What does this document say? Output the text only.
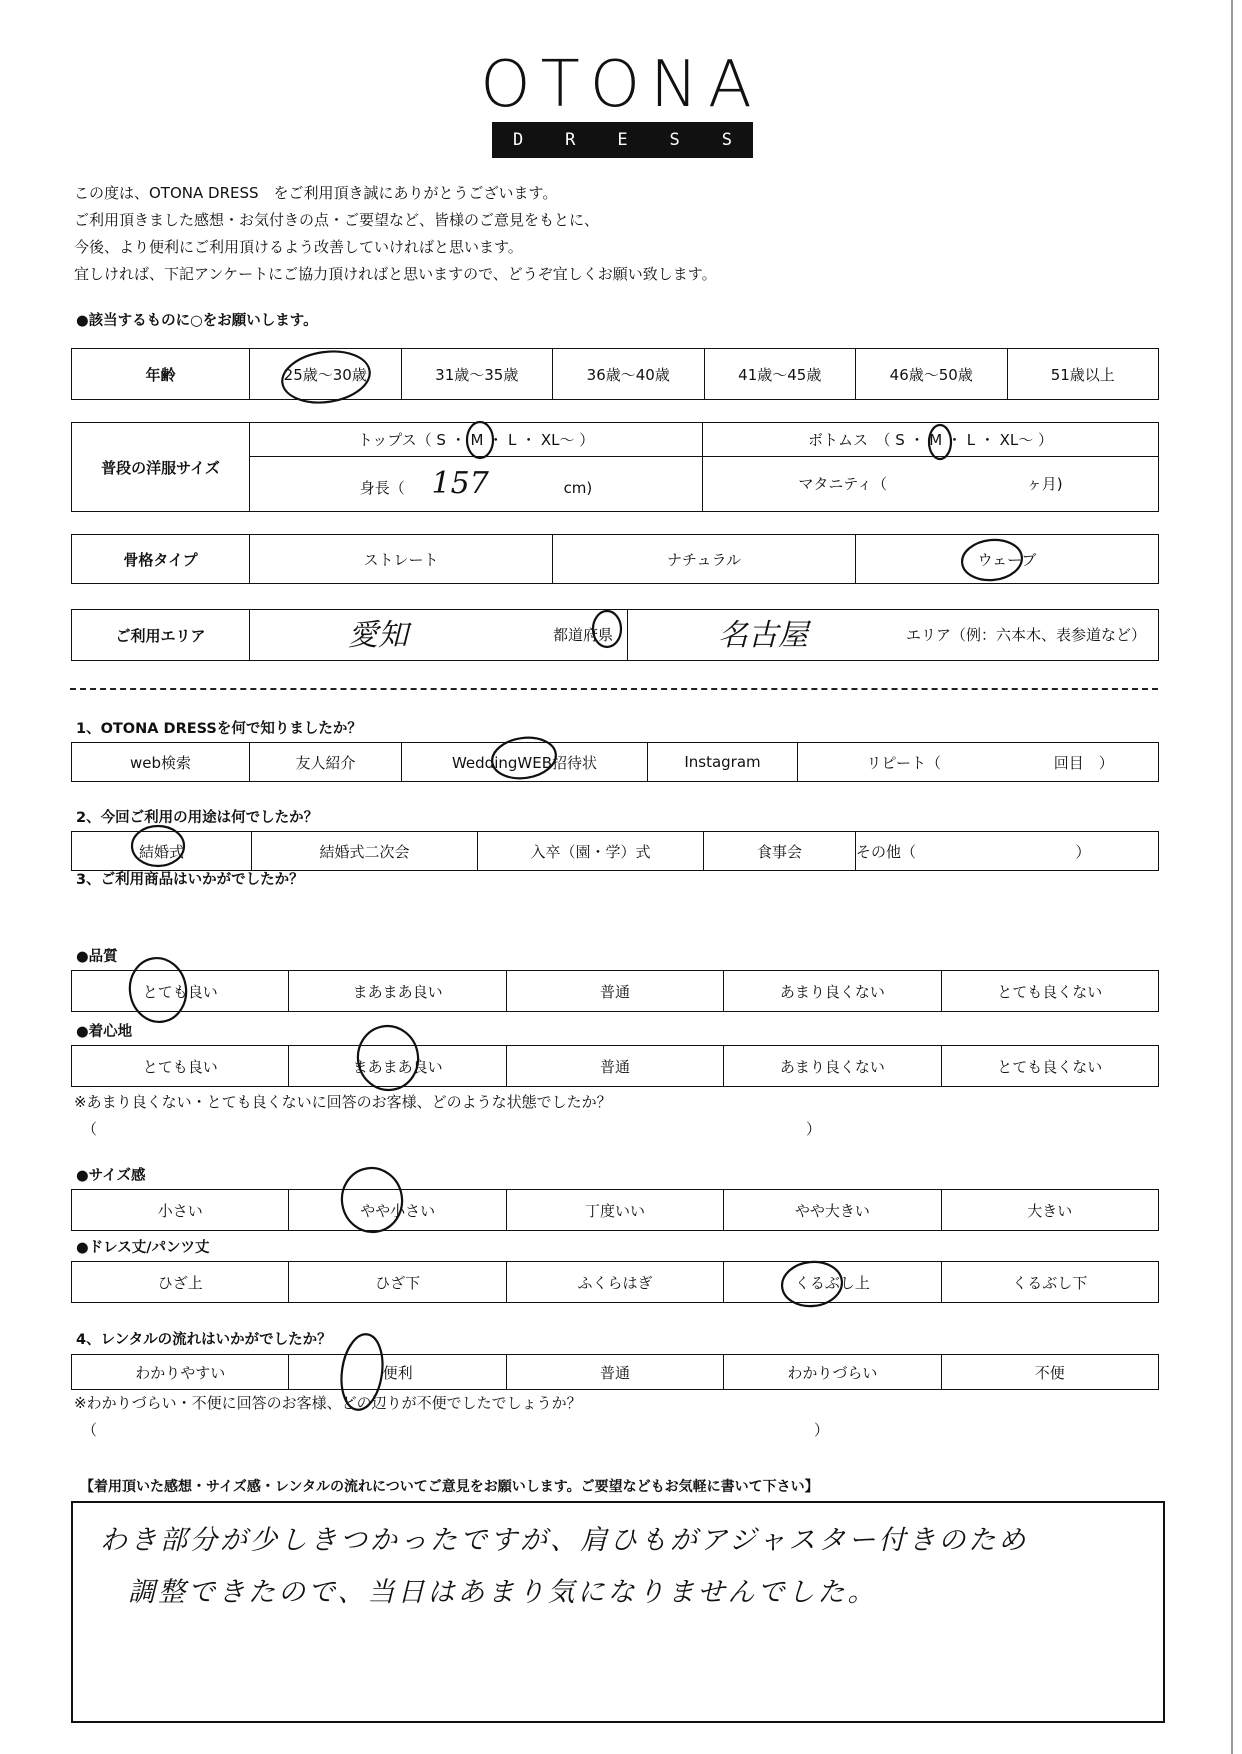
OTONA
D R E S S
この度は、OTONA DRESS　をご利用頂き誠にありがとうございます。
ご利用頂きました感想・お気付きの点・ご要望など、皆様のご意見をもとに、
今後、より便利にご利用頂けるよう改善していければと思います。
宜しければ、下記アンケートにご協力頂ければと思いますので、どうぞ宜しくお願い致します。
●該当するものに○をお願いします。
年齢	25歳～30歳	31歳～35歳	36歳～40歳	41歳～45歳	46歳～50歳	51歳以上
普段の洋服サイズ	トップス（ S ・ M ・ L ・ XL～ ）	ボトムス　（ S ・ M ・ L ・ XL～ ）
	身長（ 157 cm)	マタニティ（ ヶ月)
骨格タイプ	ストレート	ナチュラル	ウェーブ
ご利用エリア	愛知	都道府県	名古屋	エリア（例：六本木、表参道など）
1、OTONA DRESSを何で知りましたか？
web検索	友人紹介	WeddingWEB招待状	Instagram	リピート（	回目　）
2、今回ご利用の用途は何でしたか？
結婚式	結婚式二次会	入卒（園・学）式	食事会	その他（	）
3、ご利用商品はいかがでしたか？
●品質
とても良い	まあまあ良い	普通	あまり良くない	とても良くない
●着心地
とても良い	まあまあ良い	普通	あまり良くない	とても良くない
※あまり良くない・とても良くないに回答のお客様、どのような状態でしたか？
（	）
●サイズ感
小さい	やや小さい	丁度いい	やや大きい	大きい
●ドレス丈/パンツ丈
ひざ上	ひざ下	ふくらはぎ	くるぶし上	くるぶし下
4、レンタルの流れはいかがでしたか？
わかりやすい	便利	普通	わかりづらい	不便
※わかりづらい・不便に回答のお客様、どの辺りが不便でしたでしょうか？
（	）
【着用頂いた感想・サイズ感・レンタルの流れについてご意見をお願いします。ご要望などもお気軽に書いて下さい】
わき部分が少しきつかったですが、肩ひもがアジャスター付きのため
調整できたので、当日はあまり気になりませんでした。
